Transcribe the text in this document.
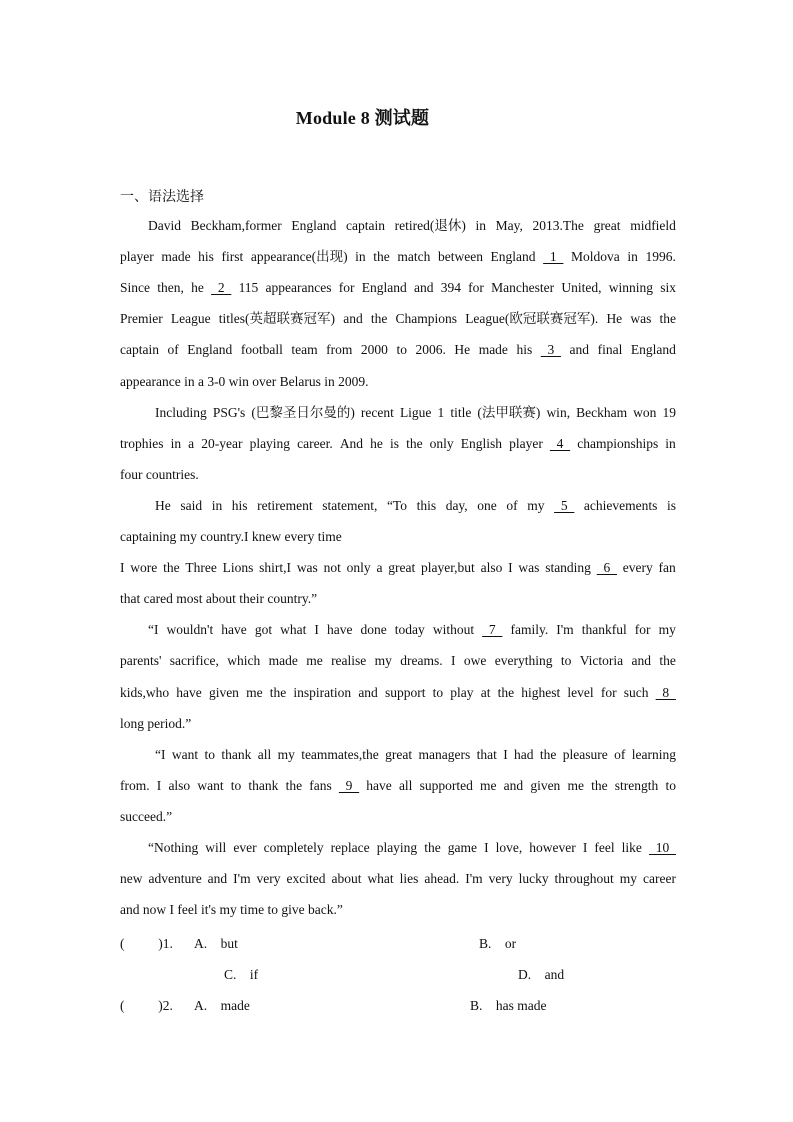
Module 8 测试题
一、语法选择
David Beckham,former England captain retired(退休) in May, 2013.The great midfield
player made his first appearance(出现) in the match between England 1 Moldova in 1996.
Since then, he 2 115 appearances for England and 394 for Manchester United, winning six
Premier League titles(英超联赛冠军) and the Champions League(欧冠联赛冠军). He was the
captain of England football team from 2000 to 2006. He made his 3 and final England
appearance in a 3-0 win over Belarus in 2009.
Including PSG's (巴黎圣日尔曼的) recent Ligue 1 title (法甲联赛) win, Beckham won 19
trophies in a 20-year playing career. And he is the only English player 4 championships in
four countries.
He said in his retirement statement, “To this day, one of my 5 achievements is
captaining my country.I knew every time
I wore the Three Lions shirt,I was not only a great player,but also I was standing 6 every fan
that cared most about their country.”
“I wouldn't have got what I have done today without 7 family. I'm thankful for my
parents' sacrifice, which made me realise my dreams. I owe everything to Victoria and the
kids,who have given me the inspiration and support to play at the highest level for such 8
long period.”
“I want to thank all my teammates,the great managers that I had the pleasure of learning
from. I also want to thank the fans 9 have all supported me and given me the strength to
succeed.”
“Nothing will ever completely replace playing the game I love, however I feel like 10
new adventure and I'm very excited about what lies ahead. I'm very lucky throughout my career
and now I feel it's my time to give back.”
(          )1. A.    but	B.    or
C.    if	D.    and
(          )2. A.    made	B.    has made
